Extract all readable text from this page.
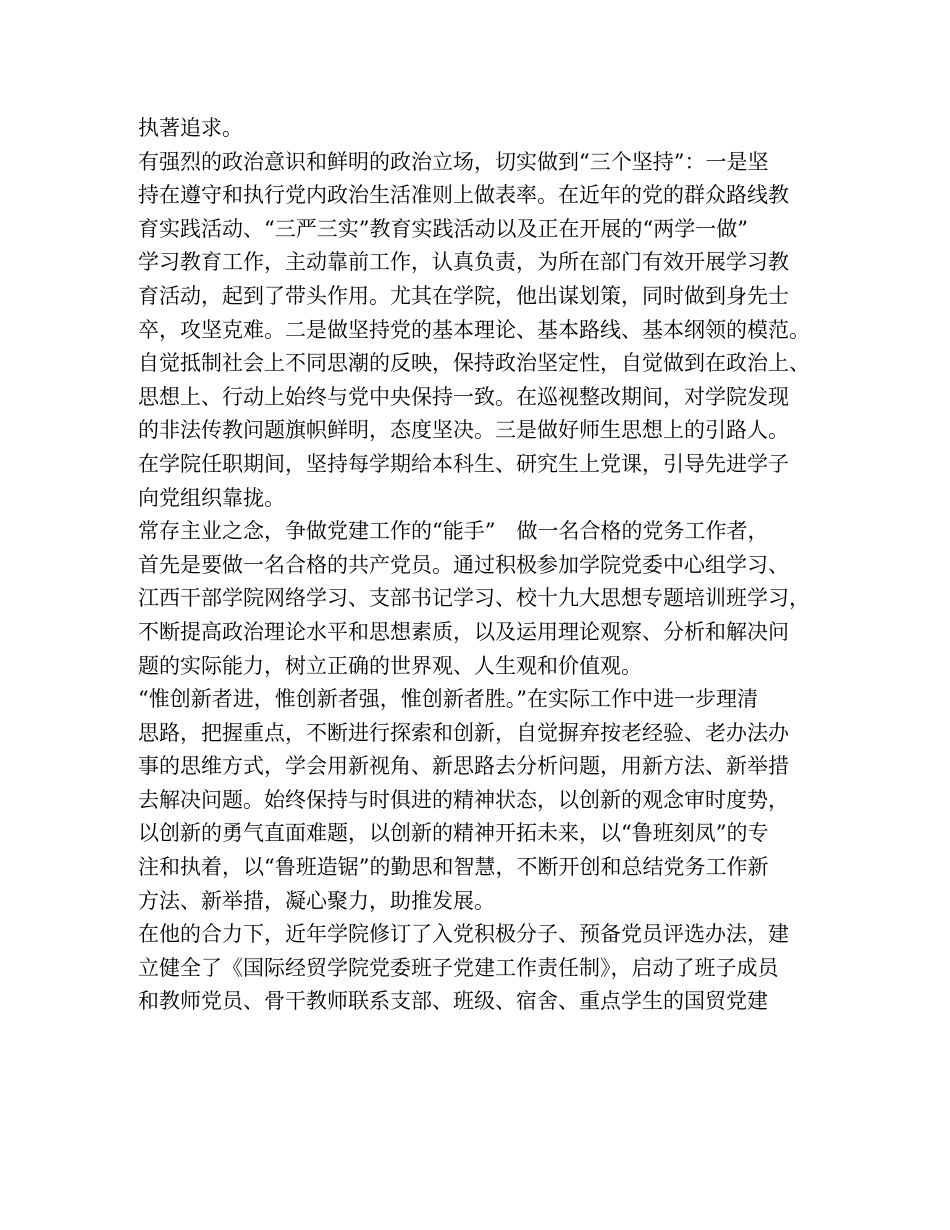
执著追求。
有强烈的政治意识和鲜明的政治立场，切实做到“三个坚持”：一是坚
持在遵守和执行党内政治生活准则上做表率。在近年的党的群众路线教
育实践活动、“三严三实”教育实践活动以及正在开展的“两学一做”
学习教育工作，主动靠前工作，认真负责，为所在部门有效开展学习教
育活动，起到了带头作用。尤其在学院，他出谋划策，同时做到身先士
卒，攻坚克难。二是做坚持党的基本理论、基本路线、基本纲领的模范。
自觉抵制社会上不同思潮的反映，保持政治坚定性，自觉做到在政治上、
思想上、行动上始终与党中央保持一致。在巡视整改期间，对学院发现
的非法传教问题旗帜鲜明，态度坚决。三是做好师生思想上的引路人。
在学院任职期间，坚持每学期给本科生、研究生上党课，引导先进学子
向党组织靠拢。
常存主业之念，争做党建工作的“能手”　做一名合格的党务工作者，
首先是要做一名合格的共产党员。通过积极参加学院党委中心组学习、
江西干部学院网络学习、支部书记学习、校十九大思想专题培训班学习，
不断提高政治理论水平和思想素质，以及运用理论观察、分析和解决问
题的实际能力，树立正确的世界观、人生观和价值观。
“惟创新者进，惟创新者强，惟创新者胜。”在实际工作中进一步理清
思路，把握重点，不断进行探索和创新，自觉摒弃按老经验、老办法办
事的思维方式，学会用新视角、新思路去分析问题，用新方法、新举措
去解决问题。始终保持与时俱进的精神状态，以创新的观念审时度势，
以创新的勇气直面难题，以创新的精神开拓未来，以“鲁班刻凤”的专
注和执着，以“鲁班造锯”的勤思和智慧，不断开创和总结党务工作新
方法、新举措，凝心聚力，助推发展。
在他的合力下，近年学院修订了入党积极分子、预备党员评选办法，建
立健全了《国际经贸学院党委班子党建工作责任制》，启动了班子成员
和教师党员、骨干教师联系支部、班级、宿舍、重点学生的国贸党建
